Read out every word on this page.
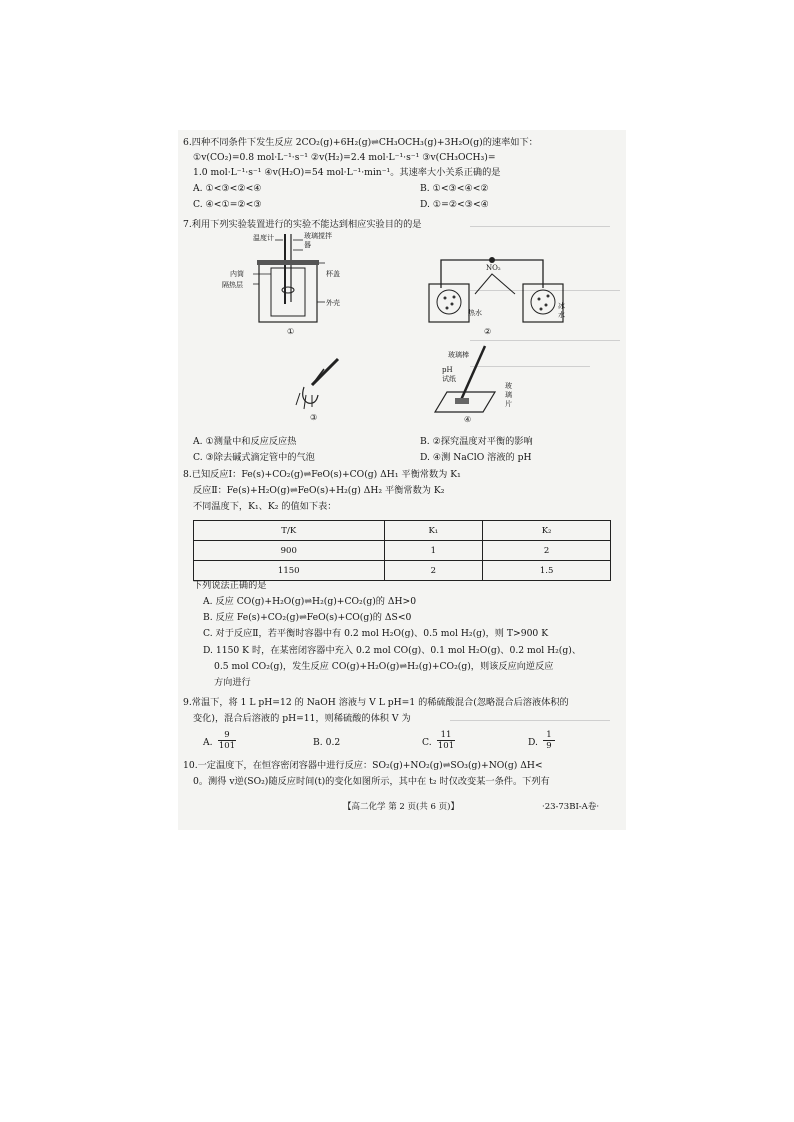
6.四种不同条件下发生反应 2CO₂(g)+6H₂(g)⇌CH₃OCH₃(g)+3H₂O(g)的速率如下：
①v(CO₂)=0.8 mol·L⁻¹·s⁻¹ ②v(H₂)=2.4 mol·L⁻¹·s⁻¹ ③v(CH₃OCH₃)=
1.0 mol·L⁻¹·s⁻¹ ④v(H₂O)=54 mol·L⁻¹·min⁻¹。其速率大小关系正确的是
A. ①<③<②<④	B. ①<③<④<②
C. ④<①=②<③	D. ①=②<③<④
7.利用下列实验装置进行的实验不能达到相应实验目的的是
温度计	玻璃搅拌器
内筒
隔热层
杯盖
外壳
①
NO₂
热水
冰水
②
③
玻璃棒
pH试纸
玻璃片
④
A. ①测量中和反应反应热	B. ②探究温度对平衡的影响
C. ③除去碱式滴定管中的气泡	D. ④测 NaClO 溶液的 pH
8.已知反应Ⅰ：Fe(s)+CO₂(g)⇌FeO(s)+CO(g) ΔH₁ 平衡常数为 K₁
反应Ⅱ：Fe(s)+H₂O(g)⇌FeO(s)+H₂(g) ΔH₂ 平衡常数为 K₂
不同温度下，K₁、K₂ 的值如下表：
T/K	K₁	K₂
900	1	2
1150	2	1.5
下列说法正确的是
A. 反应 CO(g)+H₂O(g)⇌H₂(g)+CO₂(g)的 ΔH>0
B. 反应 Fe(s)+CO₂(g)⇌FeO(s)+CO(g)的 ΔS<0
C. 对于反应Ⅱ，若平衡时容器中有 0.2 mol H₂O(g)、0.5 mol H₂(g)，则 T>900 K
D. 1150 K 时，在某密闭容器中充入 0.2 mol CO(g)、0.1 mol H₂O(g)、0.2 mol H₂(g)、
0.5 mol CO₂(g)，发生反应 CO(g)+H₂O(g)⇌H₂(g)+CO₂(g)，则该反应向逆反应
方向进行
9.常温下，将 1 L pH=12 的 NaOH 溶液与 V L pH=1 的稀硫酸混合(忽略混合后溶液体积的
变化)，混合后溶液的 pH=11，则稀硫酸的体积 V 为
A.
9
101	B. 0.2	C.
11
101	D.
1
9
10.一定温度下，在恒容密闭容器中进行反应：SO₂(g)+NO₂(g)⇌SO₃(g)+NO(g) ΔH<
0。测得 v逆(SO₂)随反应时间(t)的变化如图所示，其中在 t₂ 时仅改变某一条件。下列有
【高二化学 第 2 页(共 6 页)】	·23-73BI-A卷·
